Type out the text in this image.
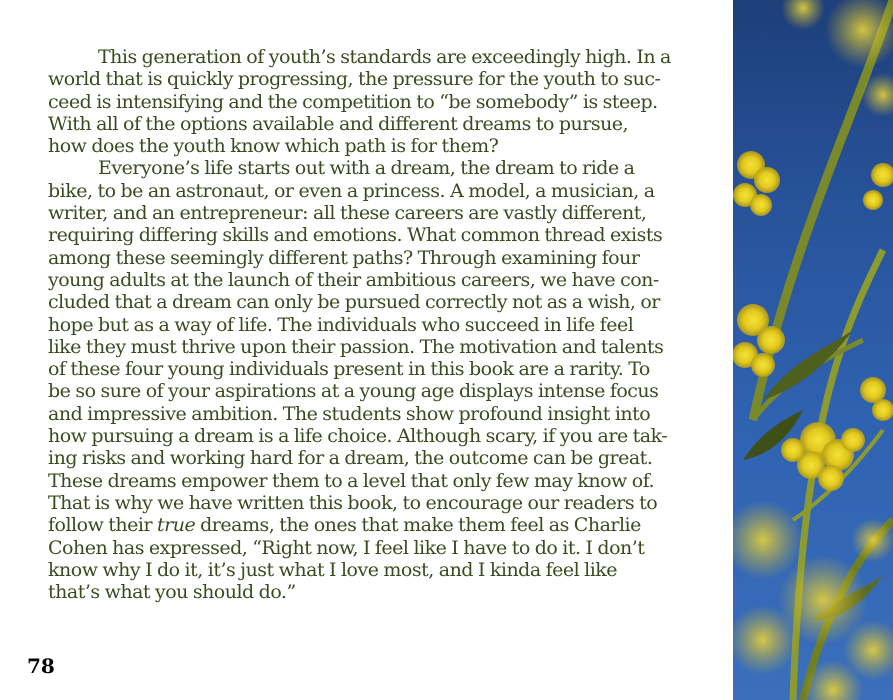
This generation of youth’s standards are exceedingly high. In a
world that is quickly progressing, the pressure for the youth to suc-
ceed is intensifying and the competition to “be somebody” is steep.
With all of the options available and different dreams to pursue,
how does the youth know which path is for them?
Everyone’s life starts out with a dream, the dream to ride a
bike, to be an astronaut, or even a princess. A model, a musician, a
writer, and an entrepreneur: all these careers are vastly different,
requiring differing skills and emotions. What common thread exists
among these seemingly different paths? Through examining four
young adults at the launch of their ambitious careers, we have con-
cluded that a dream can only be pursued correctly not as a wish, or
hope but as a way of life. The individuals who succeed in life feel
like they must thrive upon their passion. The motivation and talents
of these four young individuals present in this book are a rarity. To
be so sure of your aspirations at a young age displays intense focus
and impressive ambition. The students show profound insight into
how pursuing a dream is a life choice. Although scary, if you are tak-
ing risks and working hard for a dream, the outcome can be great.
These dreams empower them to a level that only few may know of.
That is why we have written this book, to encourage our readers to
follow their true dreams, the ones that make them feel as Charlie
Cohen has expressed, “Right now, I feel like I have to do it. I don’t
know why I do it, it’s just what I love most, and I kinda feel like
that’s what you should do.”
78
